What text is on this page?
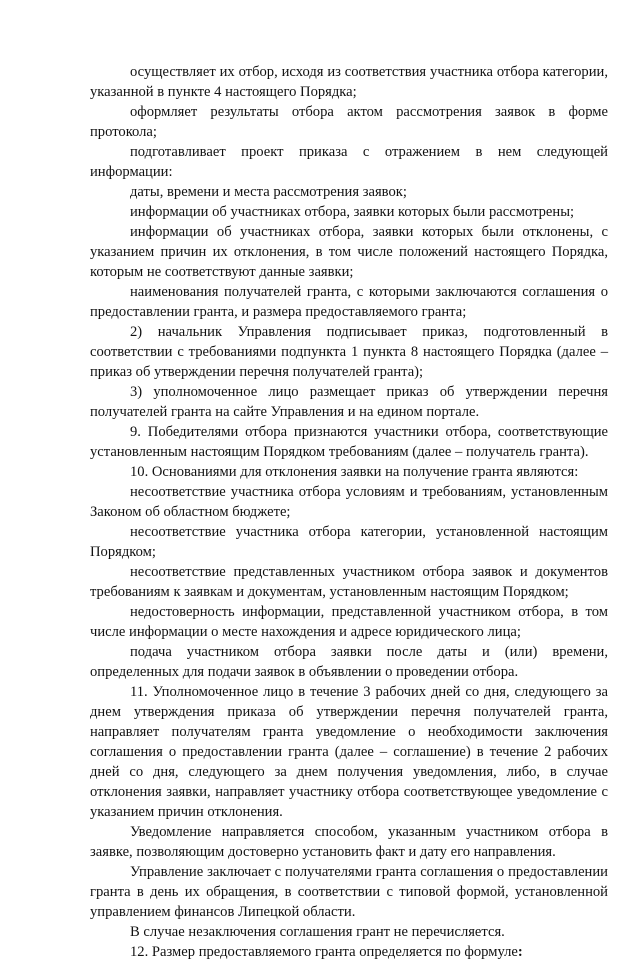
осуществляет их отбор, исходя из соответствия участника отбора категории, указанной в пункте 4 настоящего Порядка;

оформляет результаты отбора актом рассмотрения заявок в форме протокола;

подготавливает проект приказа с отражением в нем следующей информации:

даты, времени и места рассмотрения заявок;

информации об участниках отбора, заявки которых были рассмотрены;

информации об участниках отбора, заявки которых были отклонены, с указанием причин их отклонения, в том числе положений настоящего Порядка, которым не соответствуют данные заявки;

наименования получателей гранта, с которыми заключаются соглашения о предоставлении гранта, и размера предоставляемого гранта;

2) начальник Управления подписывает приказ, подготовленный в соответствии с требованиями подпункта 1 пункта 8 настоящего Порядка (далее – приказ об утверждении перечня получателей гранта);

3) уполномоченное лицо размещает приказ об утверждении перечня получателей гранта на сайте Управления и на едином портале.

9. Победителями отбора признаются участники отбора, соответствующие установленным настоящим Порядком требованиям (далее – получатель гранта).

10. Основаниями для отклонения заявки на получение гранта являются:

несоответствие участника отбора условиям и требованиям, установленным Законом об областном бюджете;

несоответствие участника отбора категории, установленной настоящим Порядком;

несоответствие представленных участником отбора заявок и документов требованиям к заявкам и документам, установленным настоящим Порядком;

недостоверность информации, представленной участником отбора, в том числе информации о месте нахождения и адресе юридического лица;

подача участником отбора заявки после даты и (или) времени, определенных для подачи заявок в объявлении о проведении отбора.

11. Уполномоченное лицо в течение 3 рабочих дней со дня, следующего за днем утверждения приказа об утверждении перечня получателей гранта, направляет получателям гранта уведомление о необходимости заключения соглашения о предоставлении гранта (далее – соглашение) в течение 2 рабочих дней со дня, следующего за днем получения уведомления, либо, в случае отклонения заявки, направляет участнику отбора соответствующее уведомление с указанием причин отклонения.

Уведомление направляется способом, указанным участником отбора в заявке, позволяющим достоверно установить факт и дату его направления.

Управление заключает с получателями гранта соглашения о предоставлении гранта в день их обращения, в соответствии с типовой формой, установленной управлением финансов Липецкой области.

В случае незаключения соглашения грант не перечисляется.

12. Размер предоставляемого гранта определяется по формуле:
